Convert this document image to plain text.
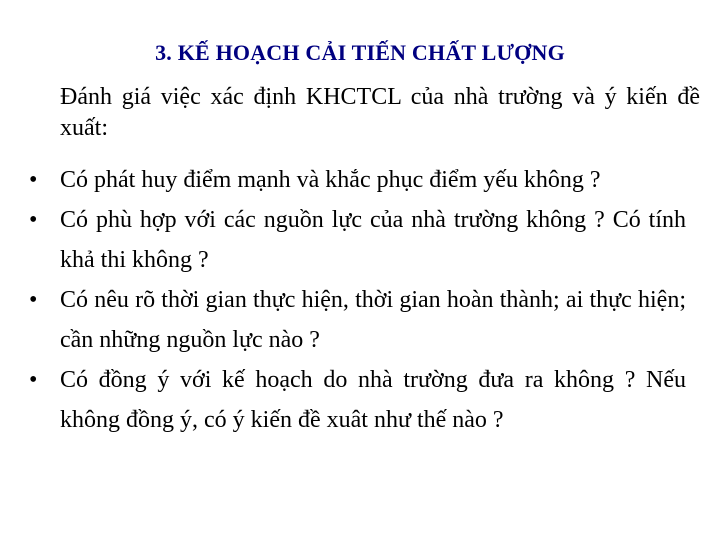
3. KẾ HOẠCH CẢI TIẾN CHẤT LƯỢNG
Đánh giá việc xác định KHCTCL của nhà trường và ý kiến đề xuất:
• Có phát huy điểm mạnh và khắc phục điểm yếu không ?
• Có phù hợp với các nguồn lực của nhà trường không ? Có tính khả thi không ?
• Có nêu rõ thời gian thực hiện, thời gian hoàn thành; ai thực hiện; cần những nguồn lực nào ?
• Có đồng ý với kế hoạch do nhà trường đưa ra không ? Nếu không đồng ý, có ý kiến đề xuât như thế nào ?
